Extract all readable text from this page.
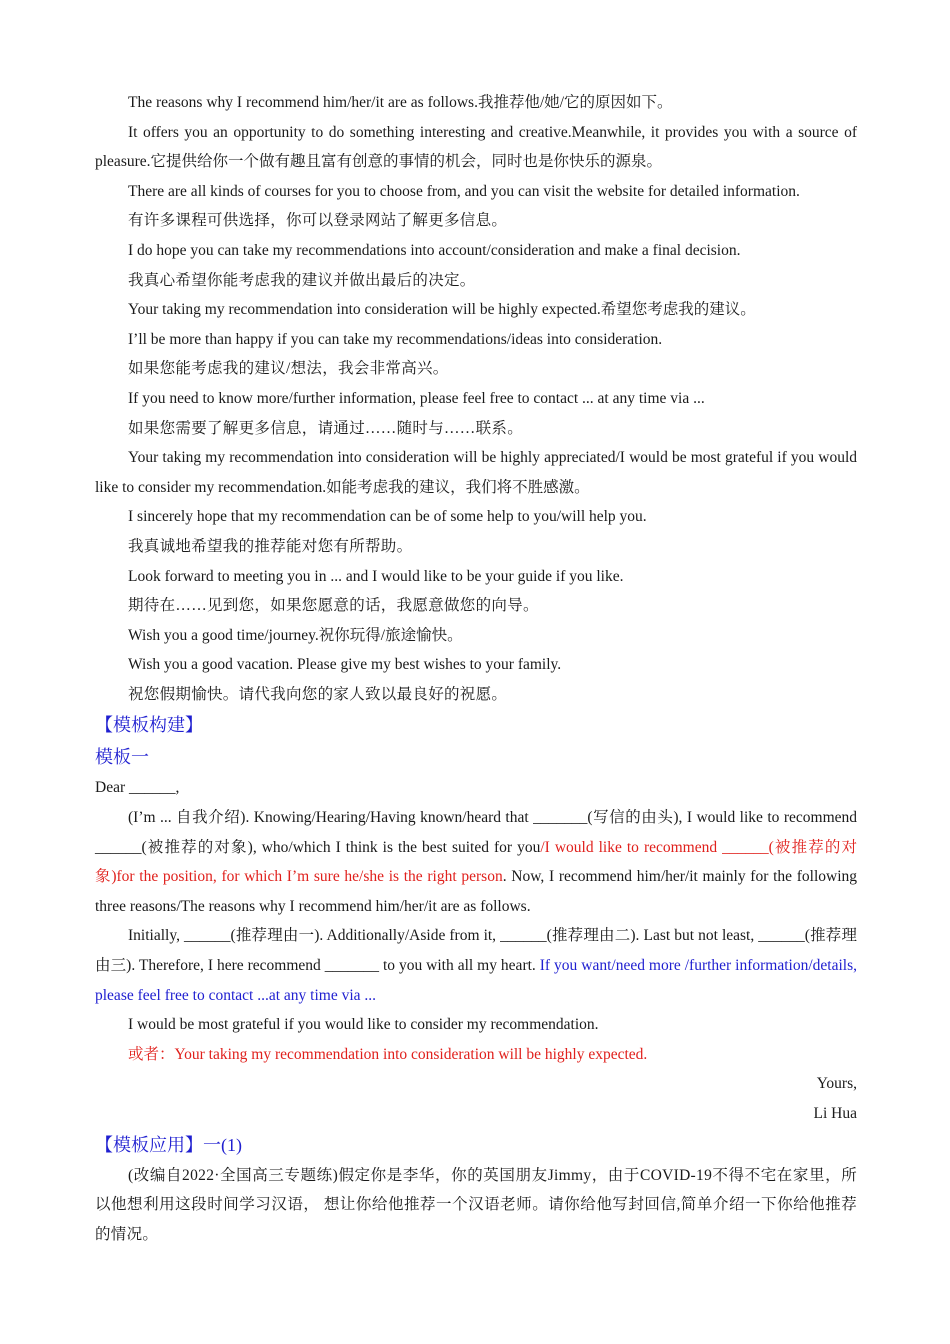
The reasons why I recommend him/her/it are as follows.我推荐他/她/它的原因如下。

It offers you an opportunity to do something interesting and creative.Meanwhile, it provides you with a source of pleasure.它提供给你一个做有趣且富有创意的事情的机会，同时也是你快乐的源泉。

There are all kinds of courses for you to choose from, and you can visit the website for detailed information.

有许多课程可供选择，你可以登录网站了解更多信息。

I do hope you can take my recommendations into account/consideration and make a final decision.

我真心希望你能考虑我的建议并做出最后的决定。

Your taking my recommendation into consideration will be highly expected.希望您考虑我的建议。

I’ll be more than happy if you can take my recommendations/ideas into consideration.

如果您能考虑我的建议/想法，我会非常高兴。

If you need to know more/further information, please feel free to contact ... at any time via ...

如果您需要了解更多信息，请通过……随时与……联系。

Your taking my recommendation into consideration will be highly appreciated/I would be most grateful if you would like to consider my recommendation.如能考虑我的建议，我们将不胜感激。

I sincerely hope that my recommendation can be of some help to you/will help you.

我真诚地希望我的推荐能对您有所帮助。

Look forward to meeting you in ... and I would like to be your guide if you like.

期待在……见到您，如果您愿意的话，我愿意做您的向导。

Wish you a good time/journey.祝你玩得/旅途愉快。

Wish you a good vacation. Please give my best wishes to your family.

祝您假期愉快。请代我向您的家人致以最良好的祝愿。

【模板构建】

模板一

Dear ______,

(I’m ... 自我介绍). Knowing/Hearing/Having known/heard that _______(写信的由头), I would like to recommend ______(被推荐的对象), who/which I think is the best suited for you/I would like to recommend ______(被推荐的对象)for the position, for which I’m sure he/she is the right person. Now, I recommend him/her/it mainly for the following three reasons/The reasons why I recommend him/her/it are as follows.

Initially, ______(推荐理由一). Additionally/Aside from it, ______(推荐理由二). Last but not least, ______(推荐理由三). Therefore, I here recommend _______ to you with all my heart. If you want/need more /further information/details, please feel free to contact ...at any time via ...

I would be most grateful if you would like to consider my recommendation.

或者：Your taking my recommendation into consideration will be highly expected.

Yours,

Li Hua

【模板应用】一(1)

(改编自2022·全国高三专题练)假定你是李华，你的英国朋友Jimmy，由于COVID-19不得不宅在家里，所以他想利用这段时间学习汉语， 想让你给他推荐一个汉语老师。请你给他写封回信,简单介绍一下你给他推荐的情况。
